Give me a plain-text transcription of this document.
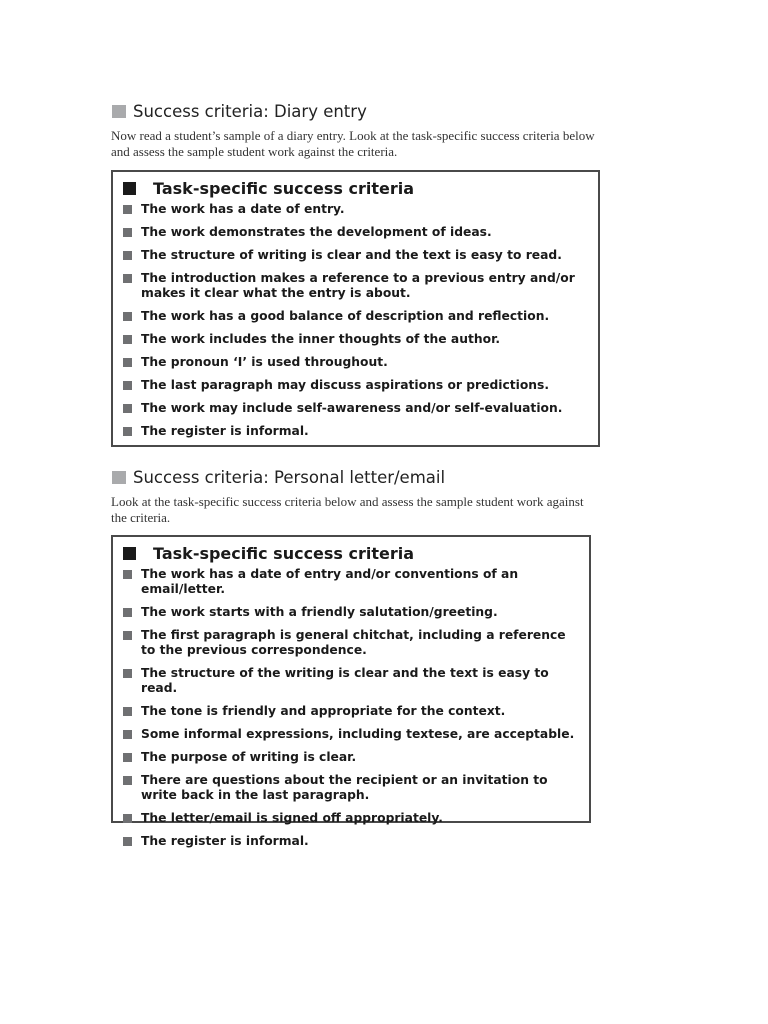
Success criteria: Diary entry

Now read a student’s sample of a diary entry. Look at the task-specific success criteria below and assess the sample student work against the criteria.

Task-specific success criteria
The work has a date of entry.
The work demonstrates the development of ideas.
The structure of writing is clear and the text is easy to read.
The introduction makes a reference to a previous entry and/or makes it clear what the entry is about.
The work has a good balance of description and reflection.
The work includes the inner thoughts of the author.
The pronoun ‘I’ is used throughout.
The last paragraph may discuss aspirations or predictions.
The work may include self-awareness and/or self-evaluation.
The register is informal.
Success criteria: Personal letter/email

Look at the task-specific success criteria below and assess the sample student work against the criteria.

Task-specific success criteria
The work has a date of entry and/or conventions of an email/letter.
The work starts with a friendly salutation/greeting.
The first paragraph is general chitchat, including a reference to the previous correspondence.
The structure of the writing is clear and the text is easy to read.
The tone is friendly and appropriate for the context.
Some informal expressions, including textese, are acceptable.
The purpose of writing is clear.
There are questions about the recipient or an invitation to write back in the last paragraph.
The letter/email is signed off appropriately.
The register is informal.
